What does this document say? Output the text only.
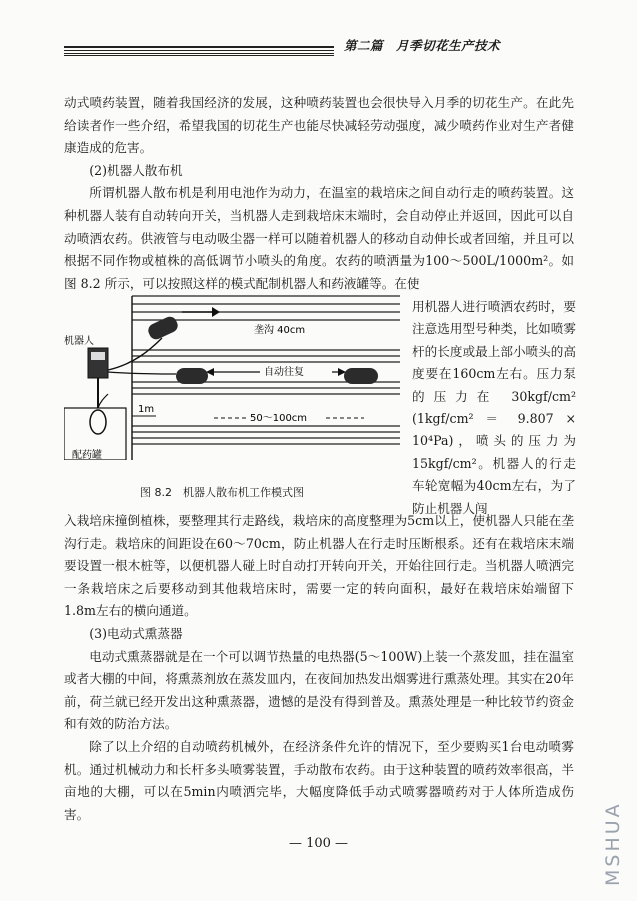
第二篇　月季切花生产技术

动式喷药装置，随着我国经济的发展，这种喷药装置也会很快导入月季的切花生产。在此先给读者作一些介绍，希望我国的切花生产也能尽快减轻劳动强度，减少喷药作业对生产者健康造成的危害。

(2)机器人散布机

所谓机器人散布机是利用电池作为动力，在温室的栽培床之间自动行走的喷药装置。这种机器人装有自动转向开关，当机器人走到栽培床末端时，会自动停止并返回，因此可以自动喷洒农药。供液管与电动吸尘器一样可以随着机器人的移动自动伸长或者回缩，并且可以根据不同作物或植株的高低调节小喷头的角度。农药的喷洒量为100～500L/1000m²。如图 8.2 所示，可以按照这样的模式配制机器人和药液罐等。在使

用机器人进行喷洒农药时，要注意选用型号种类，比如喷雾杆的长度或最上部小喷头的高度要在160cm左右。压力泵的压力在 30kgf/cm² (1kgf/cm² ＝ 9.807 × 10⁴Pa)，喷头的压力为15kgf/cm²。机器人的行走车轮宽幅为40cm左右，为了防止机器人闯

垄沟 40cm
自动往复
50～100cm
1m
机器人
配药罐
图 8.2　机器人散布机工作模式图

入栽培床撞倒植株，要整理其行走路线，栽培床的高度整理为5cm以上，使机器人只能在垄沟行走。栽培床的间距设在60～70cm，防止机器人在行走时压断根系。还有在栽培床末端要设置一根木桩等，以便机器人碰上时自动打开转向开关，开始往回行走。当机器人喷洒完一条栽培床之后要移动到其他栽培床时，需要一定的转向面积，最好在栽培床始端留下1.8m左右的横向通道。

(3)电动式熏蒸器

电动式熏蒸器就是在一个可以调节热量的电热器(5～100W)上装一个蒸发皿，挂在温室或者大棚的中间，将熏蒸剂放在蒸发皿内，在夜间加热发出烟雾进行熏蒸处理。其实在20年前，荷兰就已经开发出这种熏蒸器，遗憾的是没有得到普及。熏蒸处理是一种比较节约资金和有效的防治方法。

除了以上介绍的自动喷药机械外，在经济条件允许的情况下，至少要购买1台电动喷雾机。通过机械动力和长杆多头喷雾装置，手动散布农药。由于这种装置的喷药效率很高，半亩地的大棚，可以在5min内喷洒完毕，大幅度降低手动式喷雾器喷药对于人体所造成伤害。

— 100 —	MSHUA
